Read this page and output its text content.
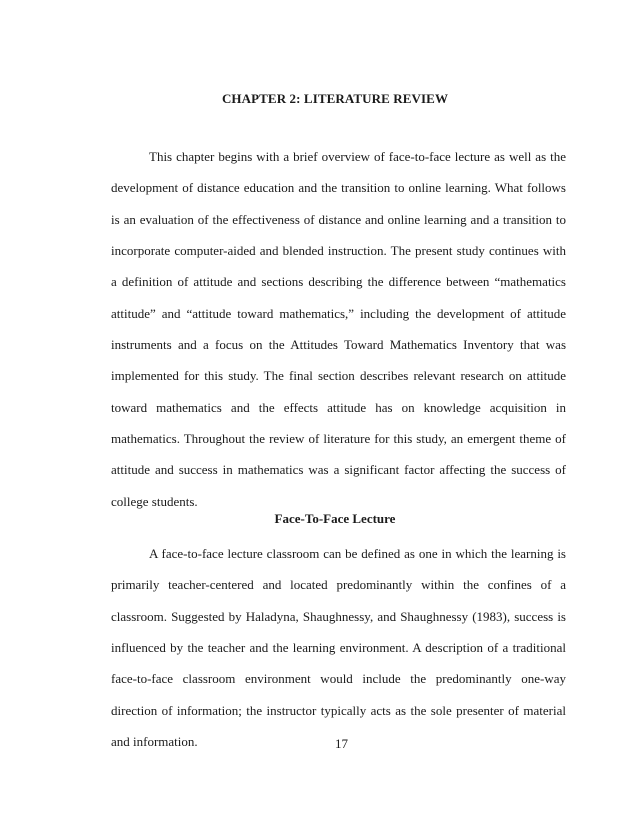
CHAPTER 2: LITERATURE REVIEW

This chapter begins with a brief overview of face-to-face lecture as well as the development of distance education and the transition to online learning. What follows is an evaluation of the effectiveness of distance and online learning and a transition to incorporate computer-aided and blended instruction. The present study continues with a definition of attitude and sections describing the difference between “mathematics attitude” and “attitude toward mathematics,” including the development of attitude instruments and a focus on the Attitudes Toward Mathematics Inventory that was implemented for this study. The final section describes relevant research on attitude toward mathematics and the effects attitude has on knowledge acquisition in mathematics. Throughout the review of literature for this study, an emergent theme of attitude and success in mathematics was a significant factor affecting the success of college students.

Face-To-Face Lecture

A face-to-face lecture classroom can be defined as one in which the learning is primarily teacher-centered and located predominantly within the confines of a classroom. Suggested by Haladyna, Shaughnessy, and Shaughnessy (1983), success is influenced by the teacher and the learning environment. A description of a traditional face-to-face classroom environment would include the predominantly one-way direction of information; the instructor typically acts as the sole presenter of material and information.	17
